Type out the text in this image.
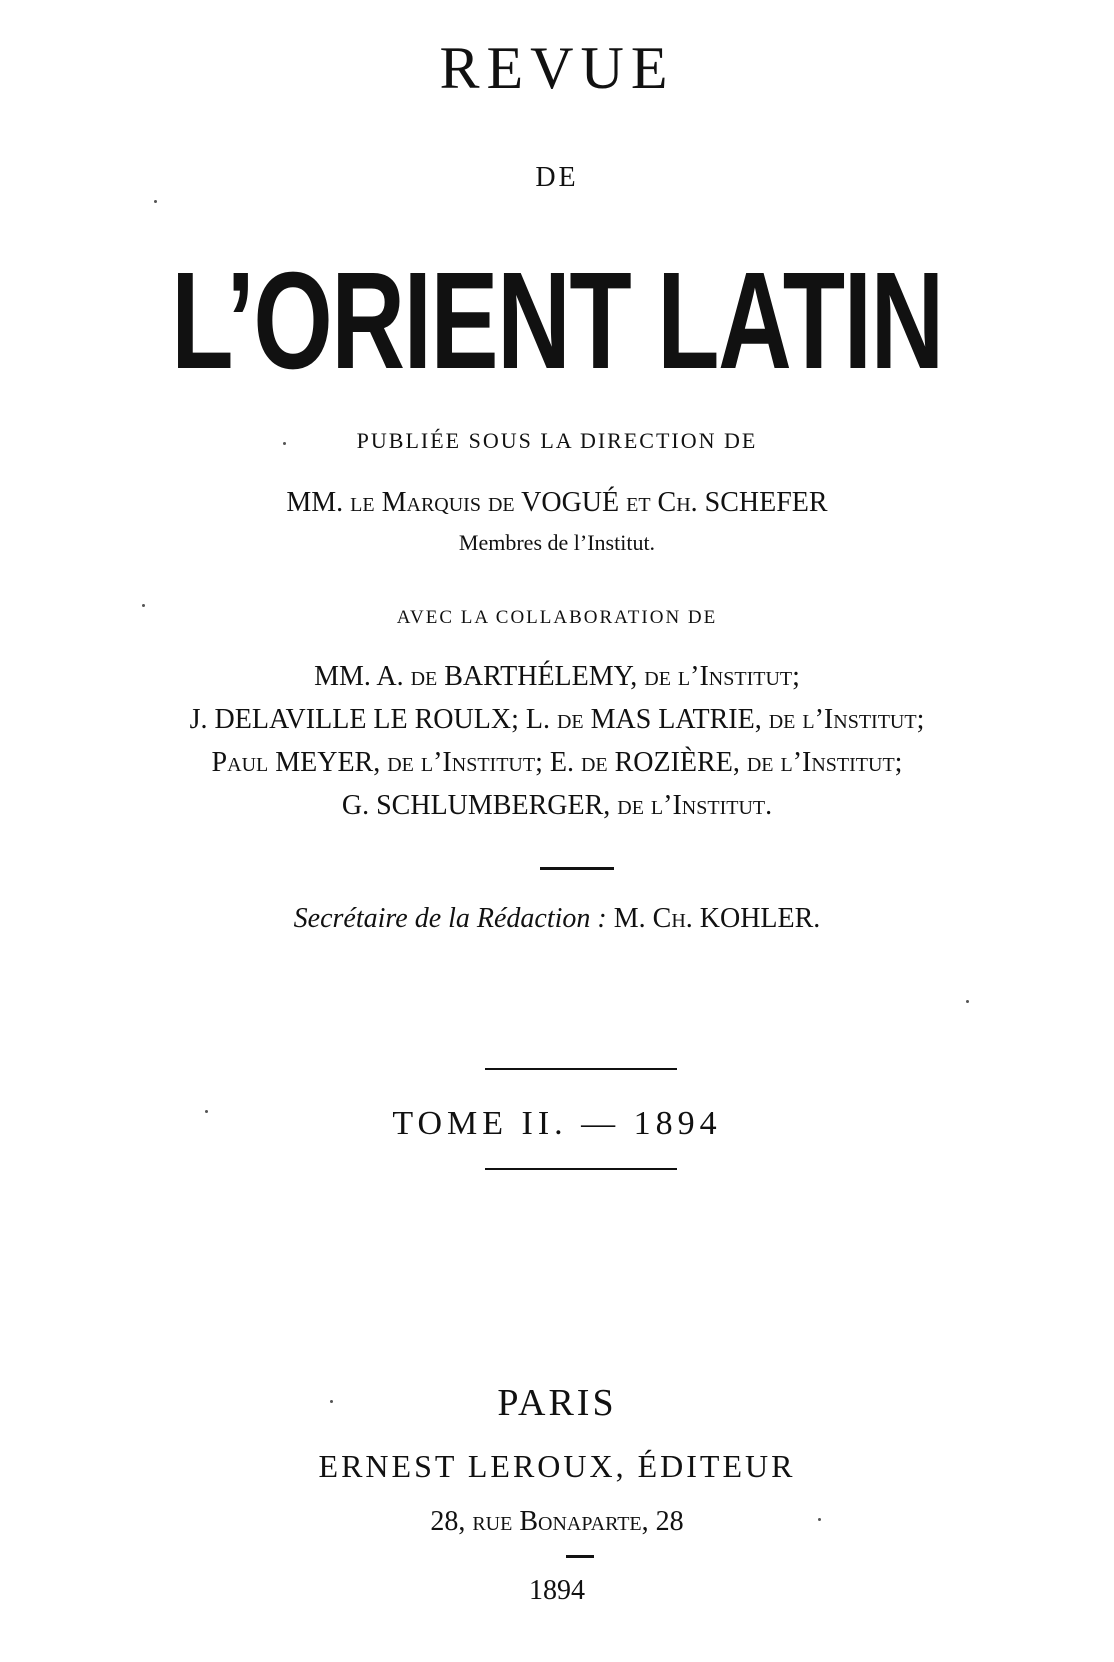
REVUE
DE
L’ORIENT LATIN
PUBLIÉE SOUS LA DIRECTION DE
MM. le Marquis de VOGUÉ et Ch. SCHEFER
Membres de l’Institut.
AVEC LA COLLABORATION DE
MM. A. de BARTHÉLEMY, de l’Institut;
J. DELAVILLE LE ROULX; L. de MAS LATRIE, de l’Institut;
Paul MEYER, de l’Institut; E. de ROZIÈRE, de l’Institut;
G. SCHLUMBERGER, de l’Institut.
Secrétaire de la Rédaction : M. Ch. KOHLER.
TOME II. — 1894
PARIS
ERNEST LEROUX, ÉDITEUR
28, rue Bonaparte, 28
1894
